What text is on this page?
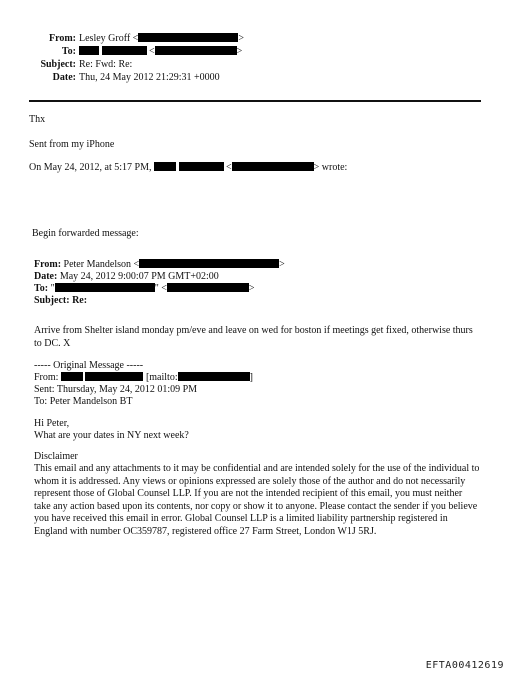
From: Lesley Groff <	>
To:	<	>
Subject: Re: Fwd: Re:
Date: Thu, 24 May 2012 21:29:31 +0000
Thx
Sent from my iPhone
On May 24, 2012, at 5:17 PM,	<	> wrote:
Begin forwarded message:
From: Peter Mandelson <	>
Date: May 24, 2012 9:00:07 PM GMT+02:00
To: "	" <	>
Subject: Re:
Arrive from Shelter island monday pm/eve and leave on wed for boston if meetings get fixed, otherwise thurs to DC. X
----- Original Message -----
From:	[mailto:	]
Sent: Thursday, May 24, 2012 01:09 PM
To: Peter Mandelson BT
Hi Peter,
What are your dates in NY next week?
Disclaimer
This email and any attachments to it may be confidential and are intended solely for the use of the individual to whom it is addressed. Any views or opinions expressed are solely those of the author and do not necessarily represent those of Global Counsel LLP. If you are not the intended recipient of this email, you must neither take any action based upon its contents, nor copy or show it to anyone. Please contact the sender if you believe you have received this email in error. Global Counsel LLP is a limited liability partnership registered in England with number OC359787, registered office 27 Farm Street, London W1J 5RJ.
EFTA00412619
